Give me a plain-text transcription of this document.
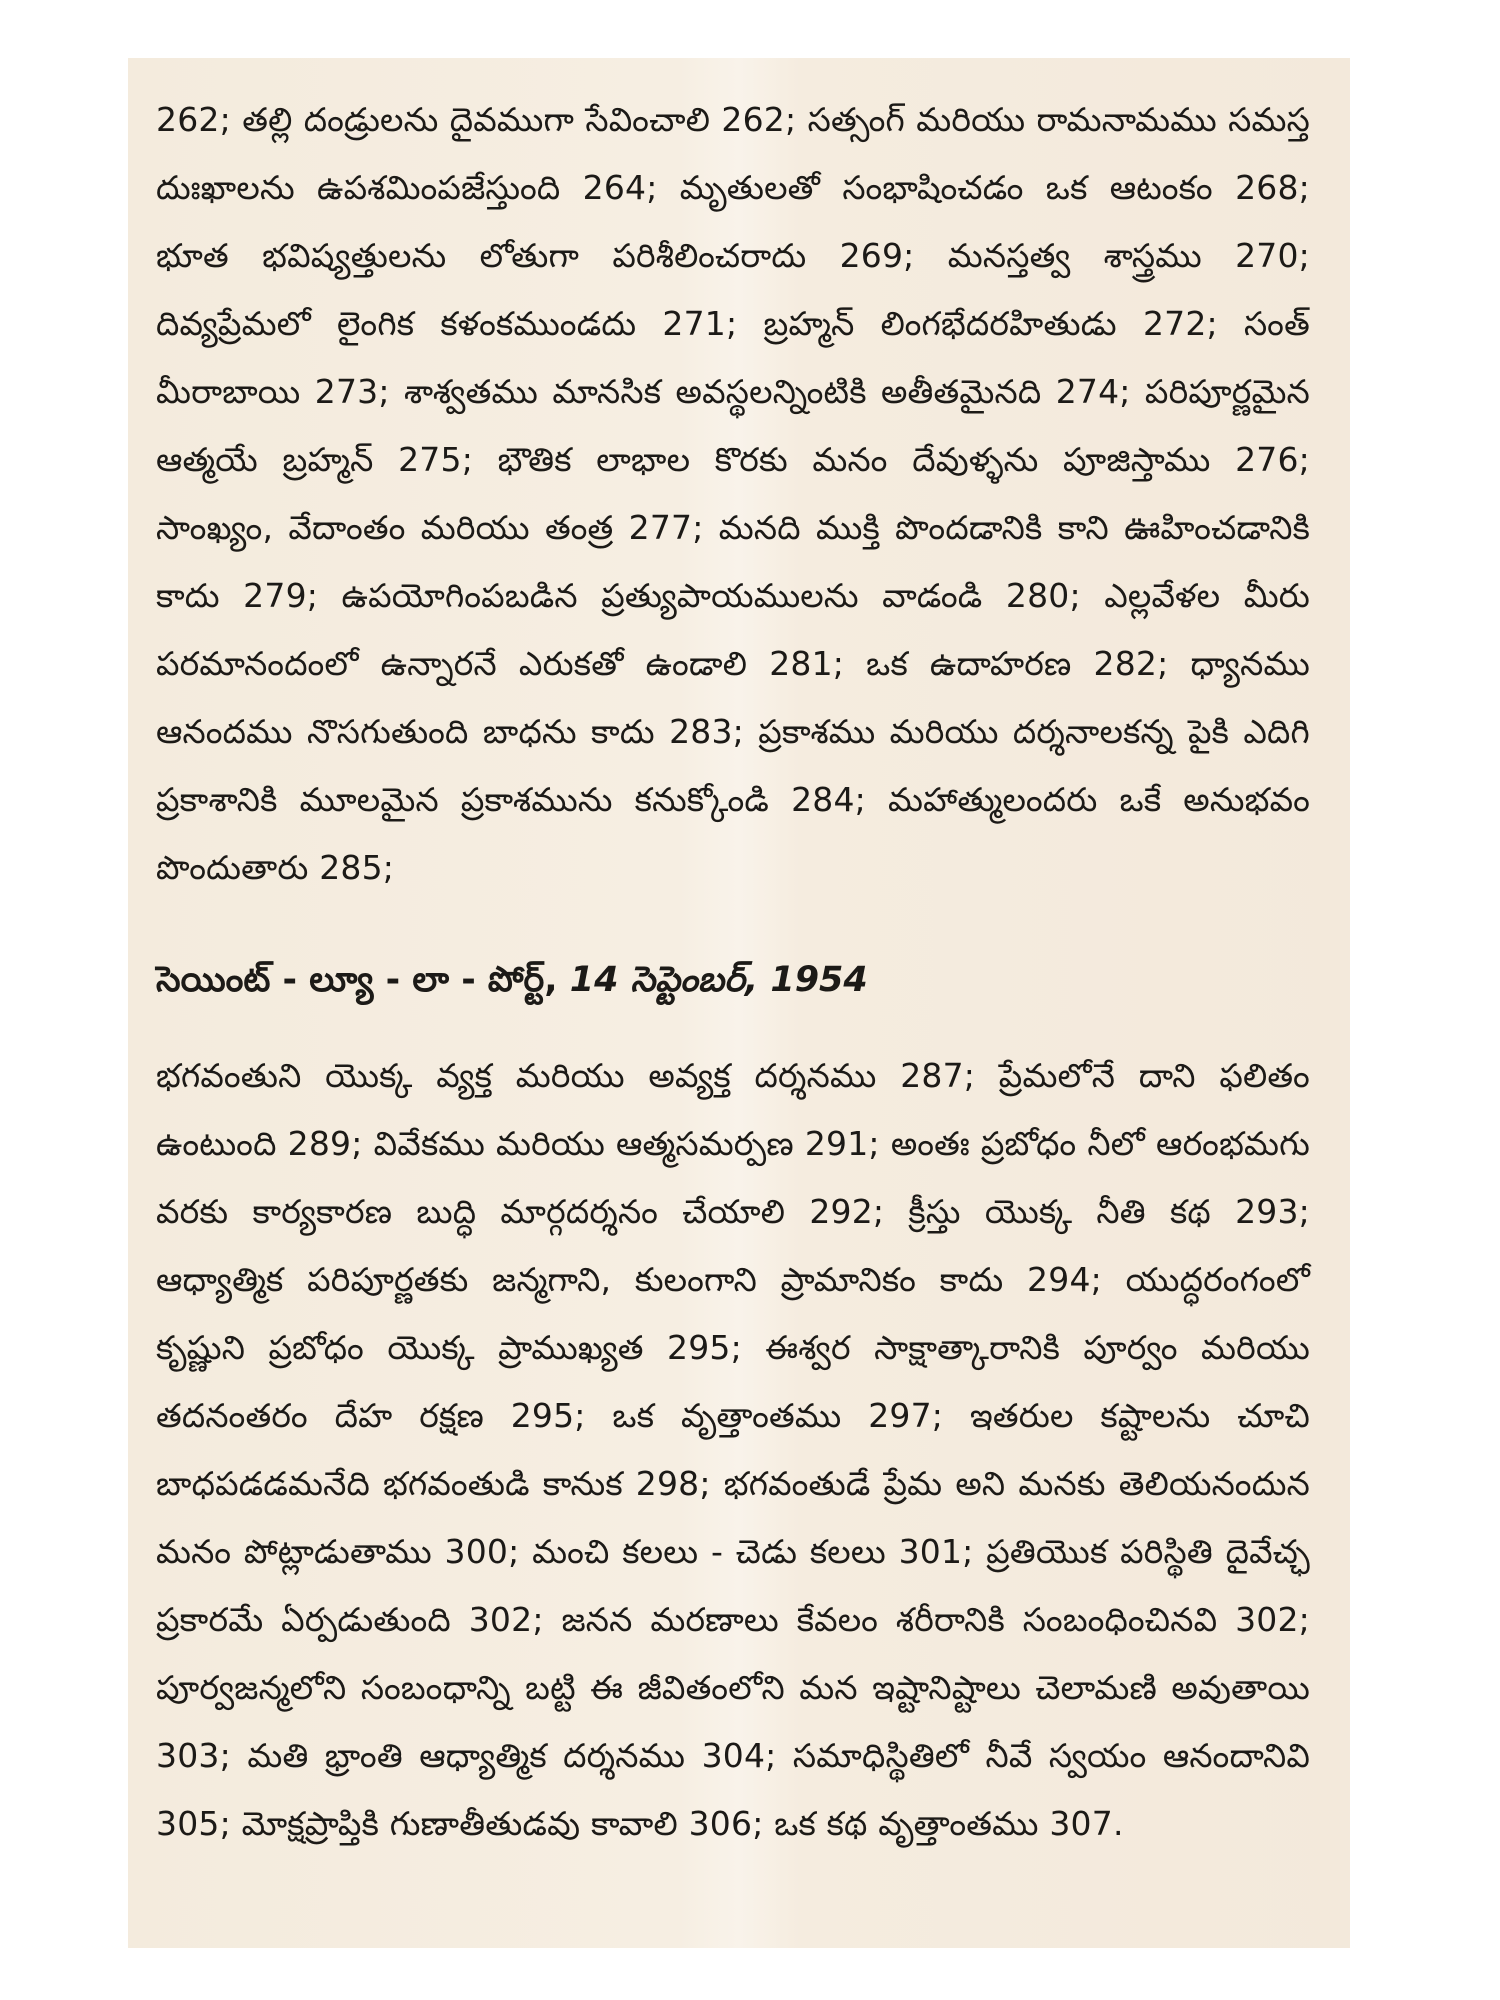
262; తల్లి దండ్రులను దైవముగా సేవించాలి 262; సత్సంగ్ మరియు రామనామము సమస్త దుఃఖాలను ఉపశమింపజేస్తుంది 264; మృతులతో సంభాషించడం ఒక ఆటంకం 268; భూత భవిష్యత్తులను లోతుగా పరిశీలించరాదు 269; మనస్తత్వ శాస్త్రము 270; దివ్యప్రేమలో లైంగిక కళంకముండదు 271; బ్రహ్మన్ లింగభేదరహితుడు 272; సంత్ మీరాబాయి 273; శాశ్వతము మానసిక అవస్థలన్నింటికి అతీతమైనది 274; పరిపూర్ణమైన ఆత్మయే బ్రహ్మన్ 275; భౌతిక లాభాల కొరకు మనం దేవుళ్ళను పూజిస్తాము 276; సాంఖ్యం, వేదాంతం మరియు తంత్ర 277; మనది ముక్తి పొందడానికి కాని ఊహించడానికి కాదు 279; ఉపయోగింపబడిన ప్రత్యుపాయములను వాడండి 280; ఎల్లవేళల మీరు పరమానందంలో ఉన్నారనే ఎరుకతో ఉండాలి 281; ఒక ఉదాహరణ 282; ధ్యానము ఆనందము నొసగుతుంది బాధను కాదు 283; ప్రకాశము మరియు దర్శనాలకన్న పైకి ఎదిగి ప్రకాశానికి మూలమైన ప్రకాశమును కనుక్కోండి 284; మహాత్ములందరు ఒకే అనుభవం పొందుతారు 285;

సెయింట్ - ల్యూ - లా - పోర్ట్, 14 సెప్టెంబర్, 1954

భగవంతుని యొక్క వ్యక్త మరియు అవ్యక్త దర్శనము 287; ప్రేమలోనే దాని ఫలితం ఉంటుంది 289; వివేకము మరియు ఆత్మసమర్పణ 291; అంతః ప్రబోధం నీలో ఆరంభమగు వరకు కార్యకారణ బుద్ధి మార్గదర్శనం చేయాలి 292; క్రీస్తు యొక్క నీతి కథ 293; ఆధ్యాత్మిక పరిపూర్ణతకు జన్మగాని, కులంగాని ప్రామానికం కాదు 294; యుద్ధరంగంలో కృష్ణుని ప్రబోధం యొక్క ప్రాముఖ్యత 295; ఈశ్వర సాక్షాత్కారానికి పూర్వం మరియు తదనంతరం దేహ రక్షణ 295; ఒక వృత్తాంతము 297; ఇతరుల కష్టాలను చూచి బాధపడడమనేది భగవంతుడి కానుక 298; భగవంతుడే ప్రేమ అని మనకు తెలియనందున మనం పోట్లాడుతాము 300; మంచి కలలు - చెడు కలలు 301; ప్రతియొక పరిస్థితి దైవేచ్ఛ ప్రకారమే ఏర్పడుతుంది 302; జనన మరణాలు కేవలం శరీరానికి సంబంధించినవి 302; పూర్వజన్మలోని సంబంధాన్ని బట్టి ఈ జీవితంలోని మన ఇష్టానిష్టాలు చెలామణి అవుతాయి 303; మతి భ్రాంతి ఆధ్యాత్మిక దర్శనము 304; సమాధిస్థితిలో నీవే స్వయం ఆనందానివి 305; మోక్షప్రాప్తికి గుణాతీతుడవు కావాలి 306; ఒక కథ వృత్తాంతము 307.
